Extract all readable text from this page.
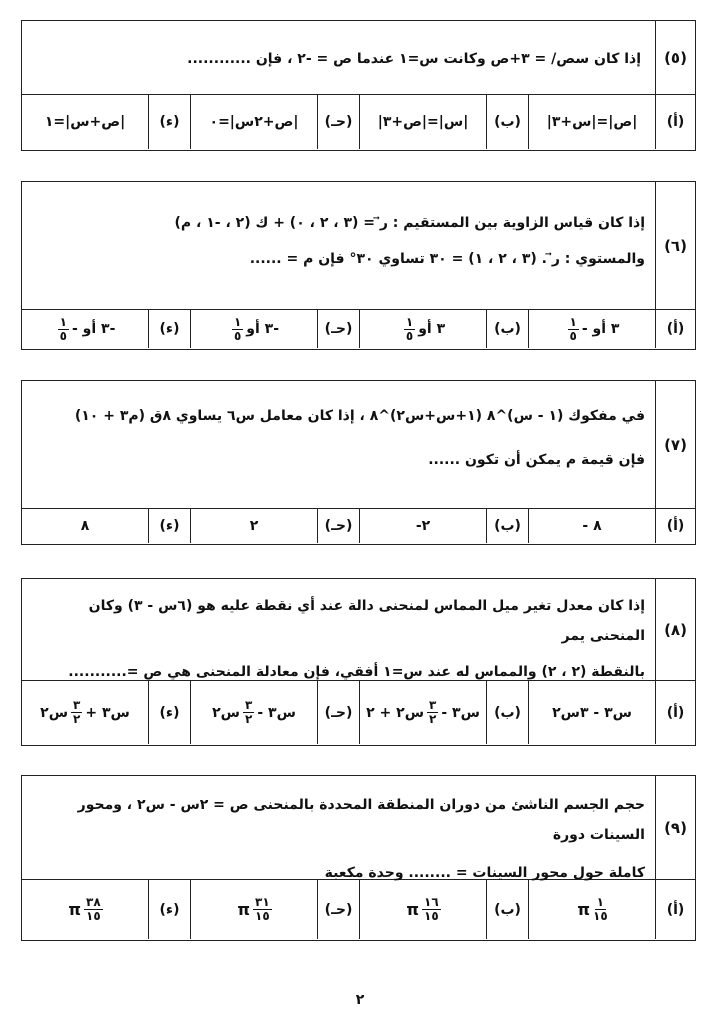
إذا كان سص/ = ٣+ص وكانت س=١ عندما ص = -٢ ، فإن ............	(٥)
(أ)
|ص|=|س+٣|
(ب)
|س|=|ص+٣|
(حـ)
|ص+٢س|=٠
(ء)
|ص+س|=١
إذا كان قياس الزاوية بين المستقيم : ر⃗ = (٣ ، ٢ ، ٠) + ك (٢ ، -١ ، م)
والمستوي : ر⃗ . (٣ ، ٢ ، ١) = ٣٠ تساوي ٣٠° فإن م = ......
(٦)
(أ)
٣ أو -
$\frac{١}{٥}$
(ب)
٣ أو
$\frac{١}{٥}$
(حـ)
-٣ أو
$\frac{١}{٥}$
(ء)
-٣ أو -
$\frac{١}{٥}$
في مفكوك (١ - س)^٨ (١+س+س٢)^٨ ، إذا كان معامل س٦ يساوي ٨ق (م٣ + ١٠)
فإن قيمة م يمكن أن تكون ......
(٧)
(أ)
٨ -
(ب)
٢-
(حـ)
٢
(ء)
٨
إذا كان معدل تغير ميل المماس لمنحنى دالة عند أي نقطة عليه هو (٦س - ٣) وكان المنحنى يمر
بالنقطة (٢ ، ٢) والمماس له عند س=١ أفقي، فإن معادلة المنحنى هي ص =...........
(٨)
(أ)
س٣ - ٣س٢
(ب)
س٣ -
$\frac{٣}{٢}$
س٢ + ٢
(حـ)
س٣ -
$\frac{٣}{٢}$
س٢
(ء)
س٣ +
$\frac{٣}{٢}$
س٢
حجم الجسم الناشئ من دوران المنطقة المحددة بالمنحنى ص = ٢س - س٢ ، ومحور السينات دورة
كاملة حول محور السينات = ........ وحدة مكعبة
(٩)
(أ)
$\frac{١}{١٥}$
π
(ب)
$\frac{١٦}{١٥}$
π
(حـ)
$\frac{٣١}{١٥}$
π
(ء)
$\frac{٣٨}{١٥}$
π
٢
